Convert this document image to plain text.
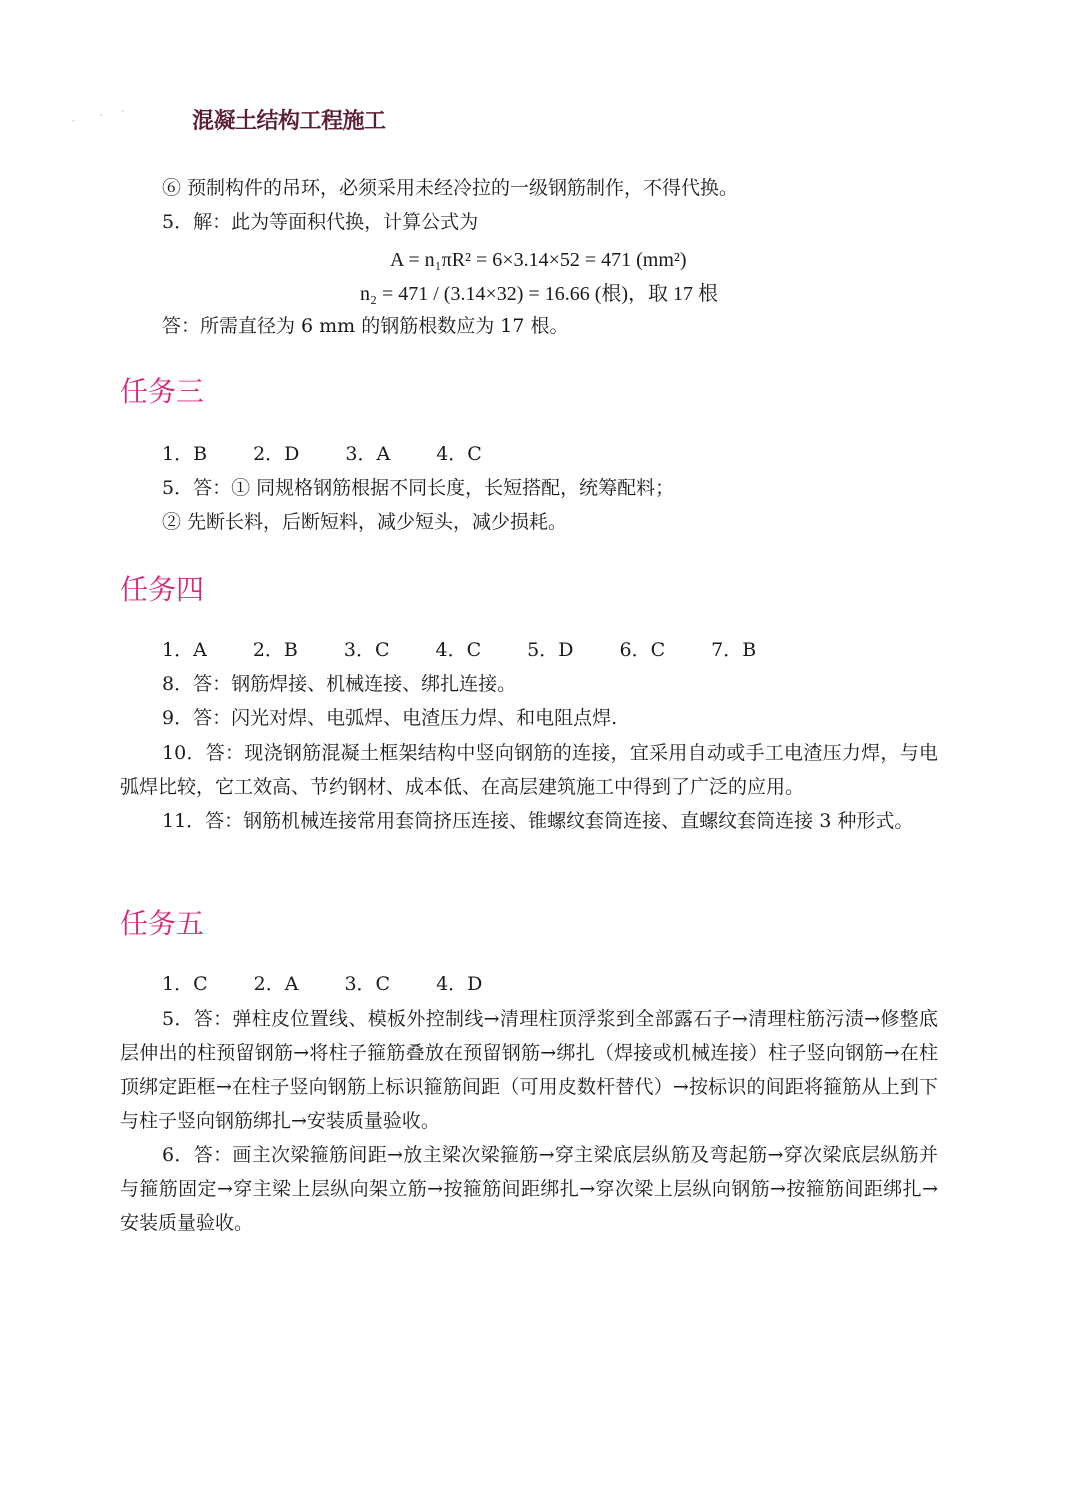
混凝土结构工程施工
⑥ 预制构件的吊环，必须采用未经冷拉的一级钢筋制作，不得代换。
5．解：此为等面积代换，计算公式为
A = n₁πR² = 6×3.14×52 = 471 (mm²)
n₂ = 471 / (3.14×32) = 16.66 (根)，取 17 根
答：所需直径为 6 mm 的钢筋根数应为 17 根。
任务三
1．B 2．D 3．A 4．C
5．答：① 同规格钢筋根据不同长度，长短搭配，统筹配料；
② 先断长料，后断短料，减少短头，减少损耗。
任务四
1．A 2．B 3．C 4．C 5．D 6．C 7．B
8．答：钢筋焊接、机械连接、绑扎连接。
9．答：闪光对焊、电弧焊、电渣压力焊、和电阻点焊.
10．答：现浇钢筋混凝土框架结构中竖向钢筋的连接，宜采用自动或手工电渣压力焊，与电弧焊比较，它工效高、节约钢材、成本低、在高层建筑施工中得到了广泛的应用。
11．答：钢筋机械连接常用套筒挤压连接、锥螺纹套筒连接、直螺纹套筒连接 3 种形式。
任务五
1．C 2．A 3．C 4．D
5．答：弹柱皮位置线、模板外控制线→清理柱顶浮浆到全部露石子→清理柱筋污渍→修整底层伸出的柱预留钢筋→将柱子箍筋叠放在预留钢筋→绑扎（焊接或机械连接）柱子竖向钢筋→在柱顶绑定距框→在柱子竖向钢筋上标识箍筋间距（可用皮数杆替代）→按标识的间距将箍筋从上到下与柱子竖向钢筋绑扎→安装质量验收。
6．答：画主次梁箍筋间距→放主梁次梁箍筋→穿主梁底层纵筋及弯起筋→穿次梁底层纵筋并与箍筋固定→穿主梁上层纵向架立筋→按箍筋间距绑扎→穿次梁上层纵向钢筋→按箍筋间距绑扎→安装质量验收。
